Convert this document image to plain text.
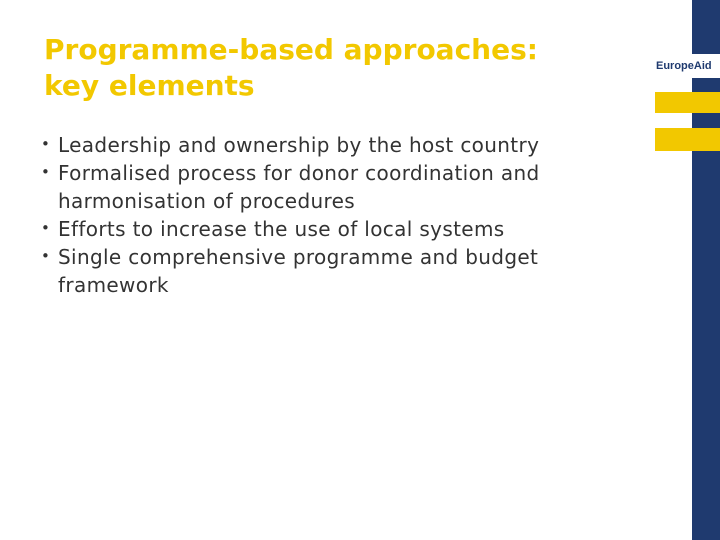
EuropeAid
Programme-based approaches:
key elements
• Leadership and ownership by the host country
• Formalised process for donor coordination and
harmonisation of procedures
• Efforts to increase the use of local systems
• Single comprehensive programme and budget
framework
